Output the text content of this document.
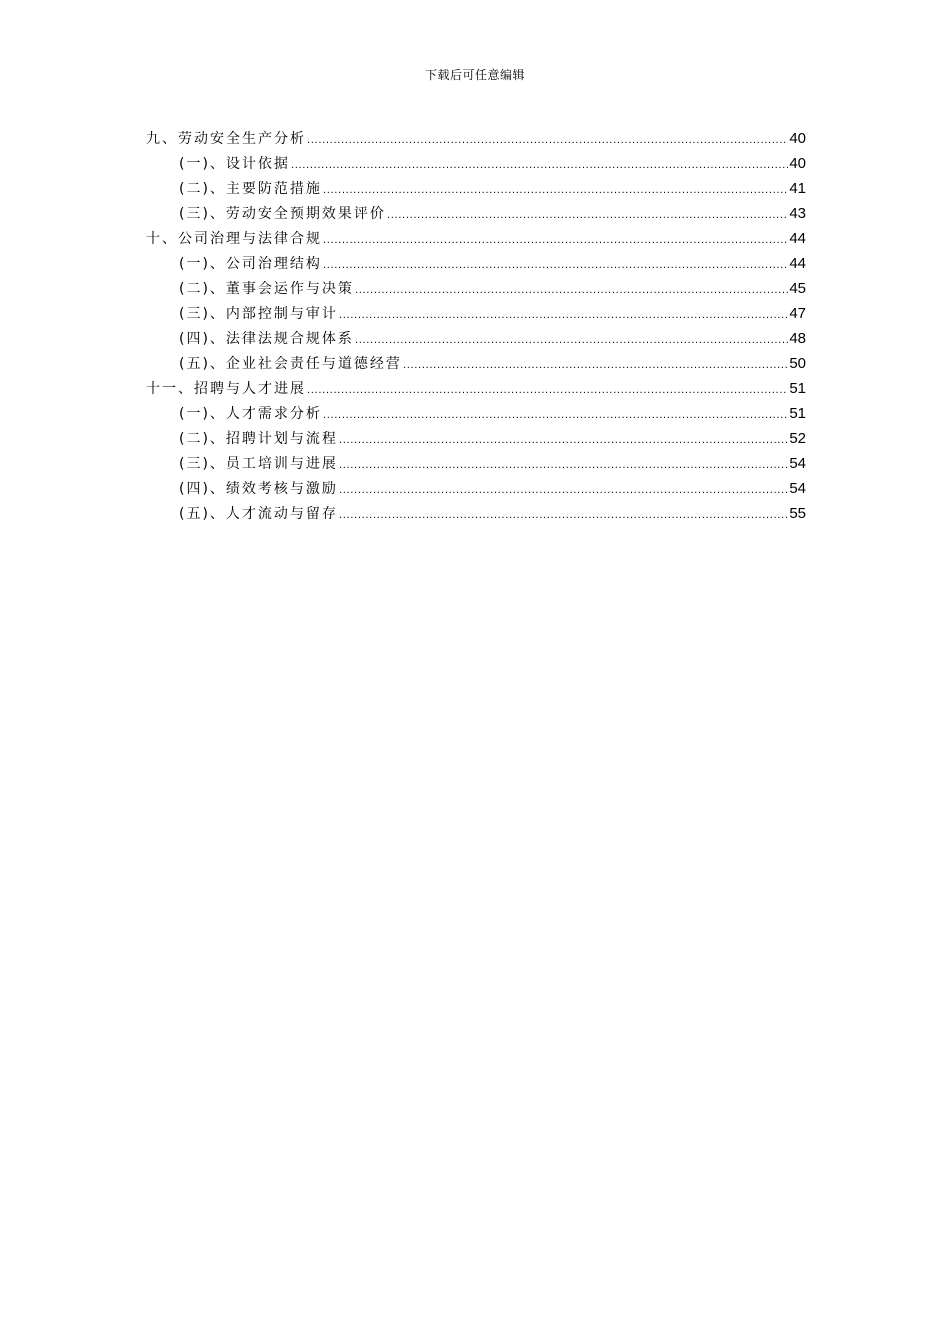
下载后可任意编辑
九、劳动安全生产分析 .....	40
(一)、设计依据 .....	40
(二)、主要防范措施 .....	41
(三)、劳动安全预期效果评价 .....	43
十、公司治理与法律合规 .....	44
(一)、公司治理结构 .....	44
(二)、董事会运作与决策 .....	45
(三)、内部控制与审计 .....	47
(四)、法律法规合规体系 .....	48
(五)、企业社会责任与道德经营 .....	50
十一、招聘与人才进展 .....	51
(一)、人才需求分析 .....	51
(二)、招聘计划与流程 .....	52
(三)、员工培训与进展 .....	54
(四)、绩效考核与激励 .....	54
(五)、人才流动与留存 .....	55
